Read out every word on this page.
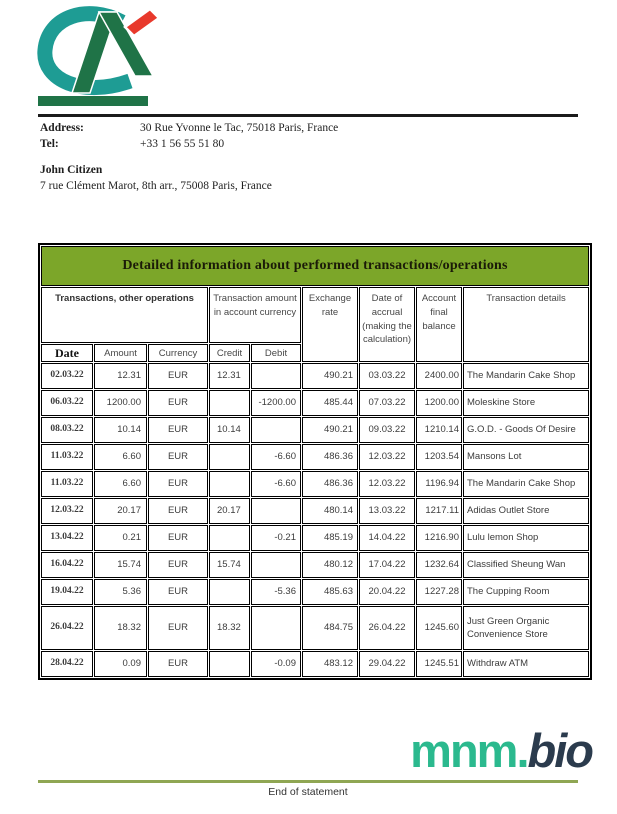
Address:	30 Rue Yvonne le Tac, 75018 Paris, France
Tel:	+33 1 56 55 51 80
John Citizen
7 rue Clément Marot, 8th arr., 75008 Paris, France
Detailed information about performed transactions/operations								
Transactions, other operations			Transaction amount in account currency		Exchange rate	Date of accrual (making the calculation)	Account final balance	Transaction details
Date	Amount	Currency	Credit	Debit				
02.03.22	12.31	EUR	12.31		490.21	03.03.22	2400.00	The Mandarin Cake Shop
06.03.22	1200.00	EUR		-1200.00	485.44	07.03.22	1200.00	Moleskine Store
08.03.22	10.14	EUR	10.14		490.21	09.03.22	1210.14	G.O.D. - Goods Of Desire
11.03.22	6.60	EUR		-6.60	486.36	12.03.22	1203.54	Mansons Lot
11.03.22	6.60	EUR		-6.60	486.36	12.03.22	1196.94	The Mandarin Cake Shop
12.03.22	20.17	EUR	20.17		480.14	13.03.22	1217.11	Adidas Outlet Store
13.04.22	0.21	EUR		-0.21	485.19	14.04.22	1216.90	Lulu lemon Shop
16.04.22	15.74	EUR	15.74		480.12	17.04.22	1232.64	Classified Sheung Wan
19.04.22	5.36	EUR		-5.36	485.63	20.04.22	1227.28	The Cupping Room
26.04.22	18.32	EUR	18.32		484.75	26.04.22	1245.60	Just Green Organic Convenience Store
28.04.22	0.09	EUR		-0.09	483.12	29.04.22	1245.51	Withdraw ATM
mnm.bio
End of statement
